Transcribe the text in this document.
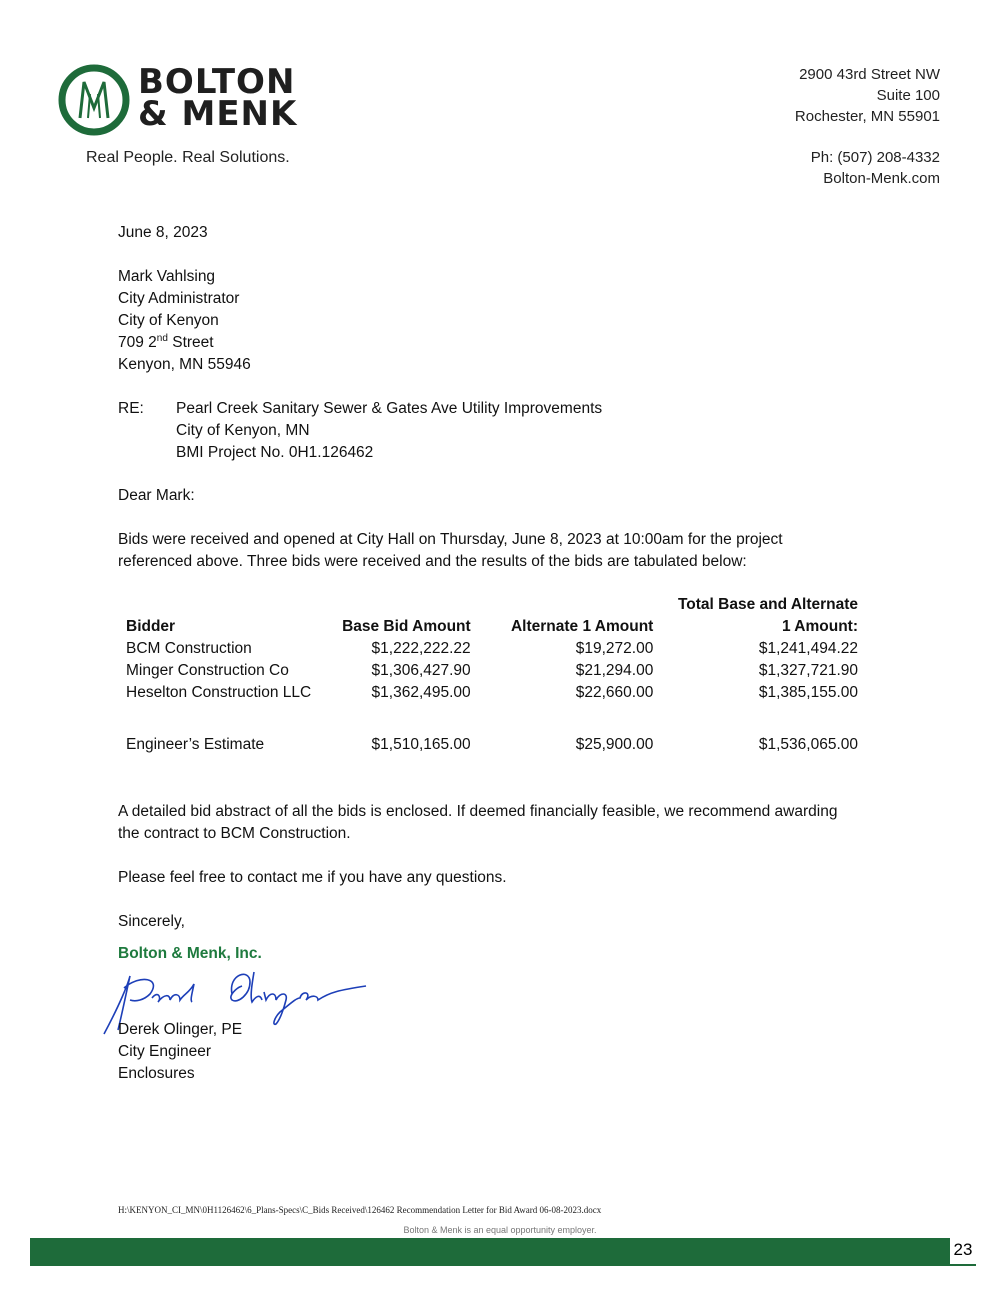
BOLTON
& MENK
Real People. Real Solutions.
2900 43rd Street NW
Suite 100
Rochester, MN 55901
Ph: (507) 208-4332
Bolton-Menk.com
June 8, 2023
Mark Vahlsing
City Administrator
City of Kenyon
709 2nd Street
Kenyon, MN 55946
RE: Pearl Creek Sanitary Sewer & Gates Ave Utility Improvements
City of Kenyon, MN
BMI Project No. 0H1.126462
Dear Mark:
Bids were received and opened at City Hall on Thursday, June 8, 2023 at 10:00am for the project referenced above. Three bids were received and the results of the bids are tabulated below:
Bidder	Base Bid Amount	Alternate 1 Amount	Total Base and Alternate 1 Amount:
BCM Construction	$1,222,222.22	$19,272.00	$1,241,494.22
Minger Construction Co	$1,306,427.90	$21,294.00	$1,327,721.90
Heselton Construction LLC	$1,362,495.00	$22,660.00	$1,385,155.00

Engineer’s Estimate	$1,510,165.00	$25,900.00	$1,536,065.00
A detailed bid abstract of all the bids is enclosed. If deemed financially feasible, we recommend awarding the contract to BCM Construction.
Please feel free to contact me if you have any questions.
Sincerely,
Bolton & Menk, Inc.
Derek Olinger, PE
City Engineer
Enclosures
H:\KENYON_CI_MN\0H1126462\6_Plans-Specs\C_Bids Received\126462 Recommendation Letter for Bid Award 06-08-2023.docx
Bolton & Menk is an equal opportunity employer.
23
